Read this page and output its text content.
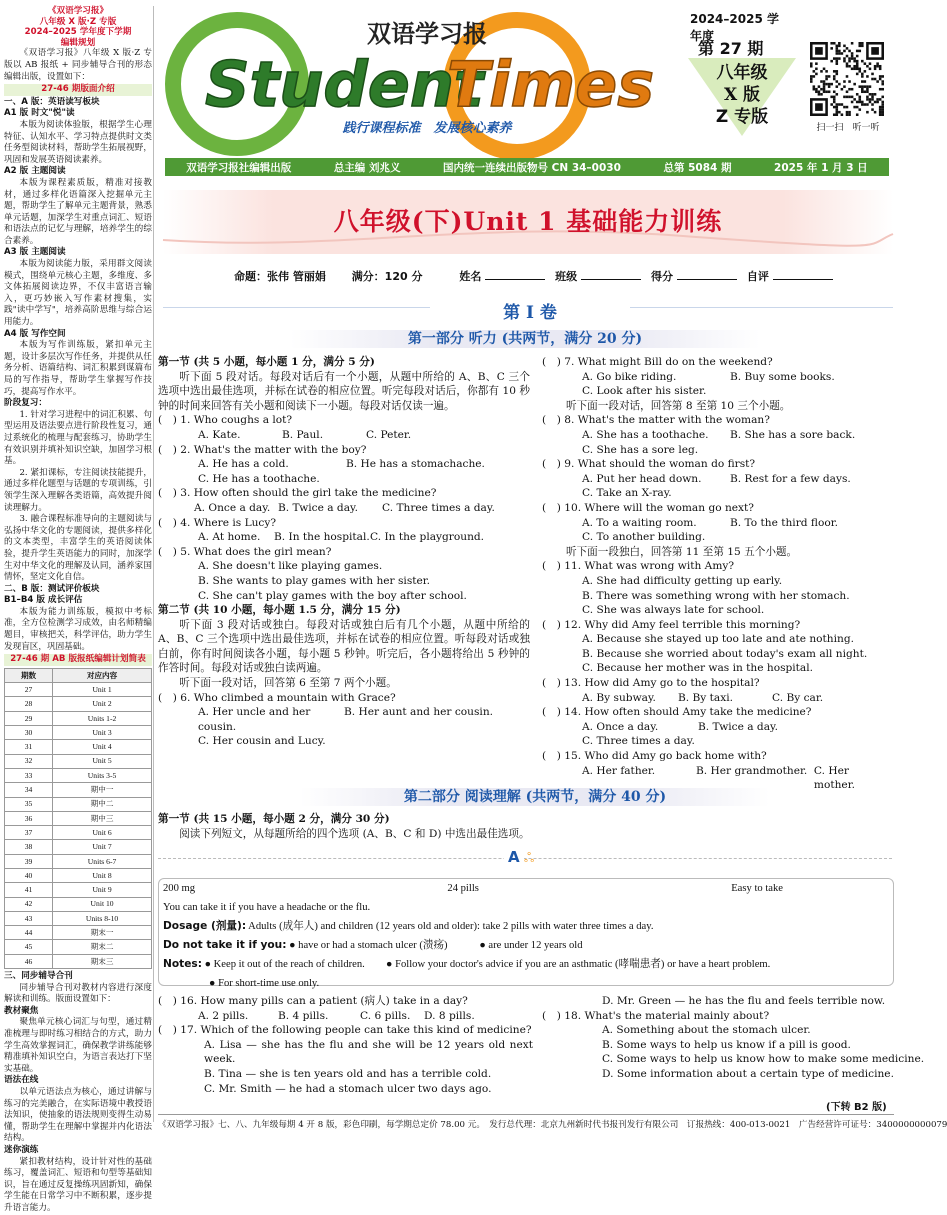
《双语学习报》
八年级 X 版·Z 专版
2024–2025 学年度下学期
编辑规划

《双语学习报》八年级 X 版·Z 专版以 AB 报纸 + 同步辅导合刊的形态编辑出版，设置如下：

27-46 期版面介绍
一、A 版：英语读写板块
A1 版 时文"悦"读

本版为阅读体验版，根据学生心理特征、认知水平、学习特点提供时文类任务型阅读材料，帮助学生拓展视野，巩固和发展英语阅读素养。

A2 版 主题阅读

本版为课程素质版，精准对接教材，通过多样化语篇深入挖掘单元主题，帮助学生了解单元主题背景，熟悉单元话题，加深学生对重点词汇、短语和语法点的记忆与理解，培养学生的综合素养。

A3 版 主题阅读

本版为阅读能力版，采用群文阅读模式，围绕单元核心主题，多维度、多文体拓展阅读边界，不仅丰富语言输入，更巧妙嵌入写作素材搜集，实践"读中学写"，培养高阶思维与综合运用能力。

A4 版 写作空间

本版为写作训练版，紧扣单元主题，设计多层次写作任务，并提供从任务分析、语篇结构、词汇积累到谋篇布局的写作指导，帮助学生掌握写作技巧，提高写作水平。

阶段复习：

1. 针对学习进程中的词汇积累、句型运用及语法要点进行阶段性复习，通过系统化的梳理与配套练习，协助学生有效识别并填补知识空缺，加固学习根基。

2. 紧扣课标，专注阅读技能提升，通过多样化题型与话题的专项训练，引领学生深入理解各类语篇，高效提升阅读理解力。

3. 融合课程标准导向的主题阅读与弘扬中华文化的专题阅读，提供多样化的文本类型，丰富学生的英语阅读体验，提升学生英语能力的同时，加深学生对中华文化的理解及认同，涵养家国情怀，坚定文化自信。

二、B 版：测试评价板块
B1–B4 版 成长评估

本版为能力训练版，模拟中考标准，全方位检测学习成效，由名师精编题目，审核把关，科学评估，助力学生发现盲区，巩固基础。

27-46 期 AB 版报纸编辑计划简表
期数	对应内容
27	Unit 1
28	Unit 2
29	Units 1-2
30	Unit 3
31	Unit 4
32	Unit 5
33	Units 3-5
34	期中一
35	期中二
36	期中三
37	Unit 6
38	Unit 7
39	Units 6-7
40	Unit 8
41	Unit 9
42	Unit 10
43	Units 8-10
44	期末一
45	期末二
46	期末三
三、同步辅导合刊

同步辅导合刊对教材内容进行深度解读和训练。版面设置如下：

教材聚焦

聚焦单元核心词汇与句型，通过精准梳理与即时练习相结合的方式，助力学生高效掌握词汇，确保教学讲练能够精准填补知识空白，为语言表达打下坚实基础。

语法在线

以单元语法点为核心，通过讲解与练习的完美融合，在实际语境中教授语法知识，使抽象的语法规则变得生动易懂，帮助学生在理解中掌握并内化语法结构。

迷你演练

紧扣教材结构，设计针对性的基础练习，覆盖词汇、短语和句型等基础知识，旨在通过反复操练巩固新知，确保学生能在日常学习中不断积累，逐步提升语言能力。

双语学习报
Student
Times
践行课程标准　发展核心素养
2024–2025 学年度
第 27 期
八年级
X 版
Z 专版
扫一扫　听一听
双语学习报社编辑出版	总主编 刘兆义	国内统一连续出版物号 CN 34–0030	总第 5084 期	2025 年 1 月 3 日
八年级(下)Unit 1 基础能力训练
命题：张伟 管丽娟　　 满分：120 分　　　	姓名	班级	得分	自评
第 Ⅰ 卷
第一部分 听力 (共两节，满分 20 分)
第一节 (共 5 小题，每小题 1 分，满分 5 分)
听下面 5 段对话。每段对话后有一个小题，从题中所给的 A、B、C 三个选项中选出最佳选项，并标在试卷的相应位置。听完每段对话后，你都有 10 秒钟的时间来回答有关小题和阅读下一小题。每段对话仅读一遍。
(　) 1. Who coughs a lot?
A. Kate.	B. Paul.	C. Peter.
(　) 2. What's the matter with the boy?
A. He has a cold.	B. He has a stomachache.
C. He has a toothache.
(　) 3. How often should the girl take the medicine?
A. Once a day. B. Twice a day.	C. Three times a day.
(　) 4. Where is Lucy?
A. At home.	B. In the hospital. C. In the playground.
(　) 5. What does the girl mean?
A. She doesn't like playing games.
B. She wants to play games with her sister.
C. She can't play games with the boy after school.
第二节 (共 10 小题，每小题 1.5 分，满分 15 分)
听下面 3 段对话或独白。每段对话或独白后有几个小题，从题中所给的 A、B、C 三个选项中选出最佳选项，并标在试卷的相应位置。听每段对话或独白前，你有时间阅读各小题，每小题 5 秒钟。听完后，各小题将给出 5 秒钟的作答时间。每段对话或独白读两遍。
听下面一段对话，回答第 6 至第 7 两个小题。
(　) 6. Who climbed a mountain with Grace?
A. Her uncle and her cousin.
B. Her aunt and her cousin.
C. Her cousin and Lucy.
(　) 7. What might Bill do on the weekend?
A. Go bike riding.	B. Buy some books.
C. Look after his sister.
听下面一段对话，回答第 8 至第 10 三个小题。
(　) 8. What's the matter with the woman?
A. She has a toothache.	B. She has a sore back.
C. She has a sore leg.
(　) 9. What should the woman do first?
A. Put her head down.	B. Rest for a few days.
C. Take an X-ray.
(　) 10. Where will the woman go next?
A. To a waiting room.	B. To the third floor.
C. To another building.
听下面一段独白，回答第 11 至第 15 五个小题。
(　) 11. What was wrong with Amy?
A. She had difficulty getting up early.
B. There was something wrong with her stomach.
C. She was always late for school.
(　) 12. Why did Amy feel terrible this morning?
A. Because she stayed up too late and ate nothing.
B. Because she worried about today's exam all night.
C. Because her mother was in the hospital.
(　) 13. How did Amy go to the hospital?
A. By subway.	B. By taxi.	C. By car.
(　) 14. How often should Amy take the medicine?
A. Once a day.	B. Twice a day.
C. Three times a day.
(　) 15. Who did Amy go back home with?
A. Her father.	B. Her grandmother. C. Her mother.
第二部分 阅读理解 (共两节，满分 40 分)
第一节 (共 15 小题，每小题 2 分，满分 30 分)
阅读下列短文，从每题所给的四个选项 (A、B、C 和 D) 中选出最佳选项。
A ஃ
200 mg	24 pills	Easy to take
You can take it if you have a headache or the flu.
Dosage (剂量): Adults (成年人) and children (12 years old and older): take 2 pills with water three times a day.
Do not take it if you: ● have or had a stomach ulcer (溃疡)　　　● are under 12 years old
Notes: ● Keep it out of the reach of children.　　● Follow your doctor's advice if you are an asthmatic (哮喘患者) or have a heart problem.
● For short-time use only.
(　) 16. How many pills can a patient (病人) take in a day?
A. 2 pills.	B. 4 pills.	C. 6 pills.	D. 8 pills.
(　) 17. Which of the following people can take this kind of medicine?
A. Lisa — she has the flu and she will be 12 years old next week.
B. Tina — she is ten years old and has a terrible cold.
C. Mr. Smith — he had a stomach ulcer two days ago.
D. Mr. Green — he has the flu and feels terrible now.
(　) 18. What's the material mainly about?
A. Something about the stomach ulcer.
B. Some ways to help us know if a pill is good.
C. Some ways to help us know how to make some medicine.
D. Some information about a certain type of medicine.
(下转 B2 版)
《双语学习报》七、八、九年级每期 4 开 8 版，彩色印刷，每学期总定价 78.00 元。　发行总代理：北京九州新时代书报刊发行有限公司　订报热线：400-013-0021　广告经营许可证号：3400000000079
